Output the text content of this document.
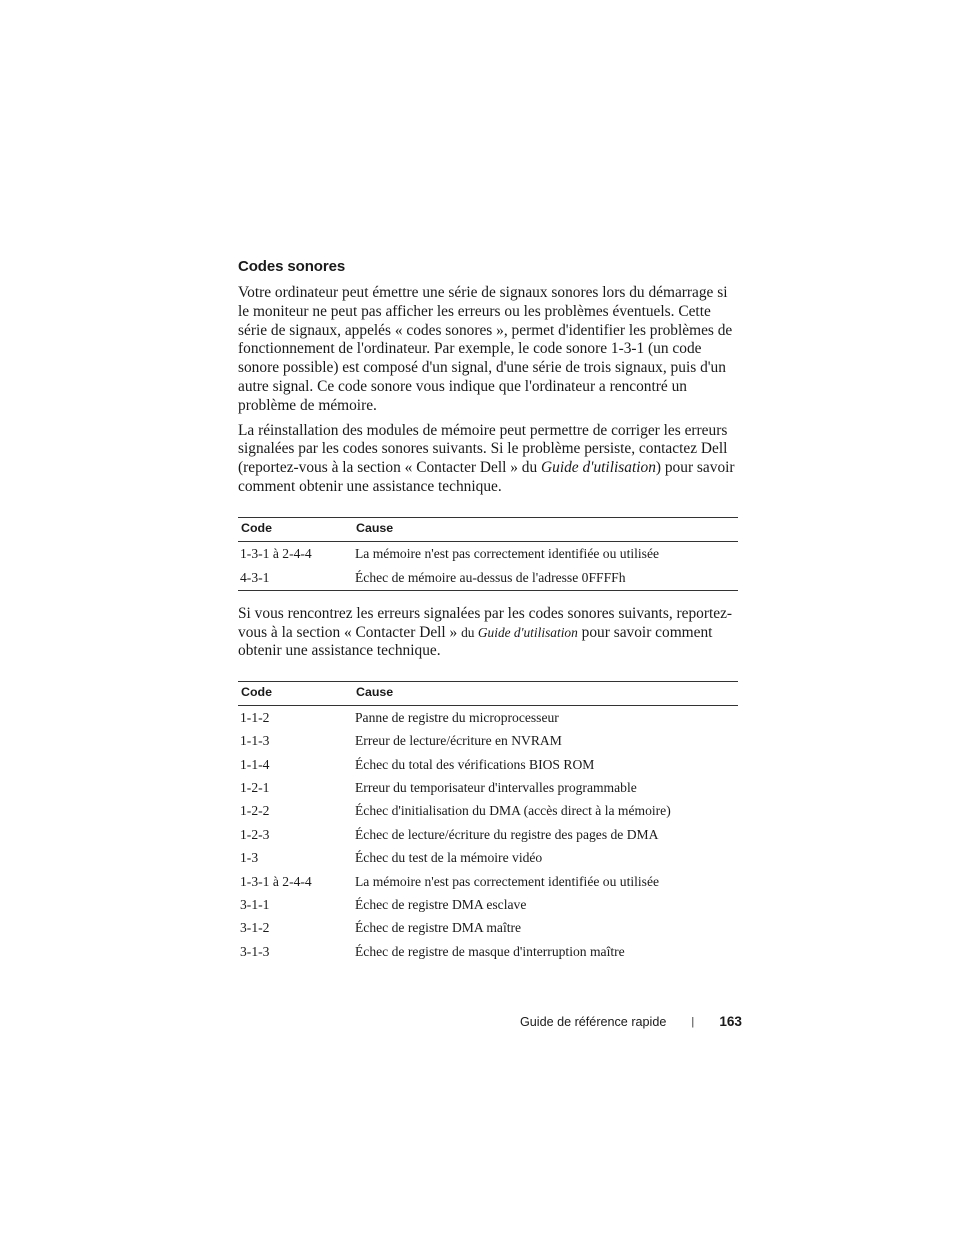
Codes sonores

Votre ordinateur peut émettre une série de signaux sonores lors du démarrage si le moniteur ne peut pas afficher les erreurs ou les problèmes éventuels. Cette série de signaux, appelés « codes sonores », permet d'identifier les problèmes de fonctionnement de l'ordinateur. Par exemple, le code sonore 1-3-1 (un code sonore possible) est composé d'un signal, d'une série de trois signaux, puis d'un autre signal. Ce code sonore vous indique que l'ordinateur a rencontré un problème de mémoire.

La réinstallation des modules de mémoire peut permettre de corriger les erreurs signalées par les codes sonores suivants. Si le problème persiste, contactez Dell (reportez-vous à la section « Contacter Dell » du Guide d'utilisation) pour savoir comment obtenir une assistance technique.

Code	Cause
1-3-1 à 2-4-4	La mémoire n'est pas correctement identifiée ou utilisée
4-3-1	Échec de mémoire au-dessus de l'adresse 0FFFFh

Si vous rencontrez les erreurs signalées par les codes sonores suivants, reportez-vous à la section « Contacter Dell » du Guide d'utilisation pour savoir comment obtenir une assistance technique.

Code	Cause
1-1-2	Panne de registre du microprocesseur
1-1-3	Erreur de lecture/écriture en NVRAM
1-1-4	Échec du total des vérifications BIOS ROM
1-2-1	Erreur du temporisateur d'intervalles programmable
1-2-2	Échec d'initialisation du DMA (accès direct à la mémoire)
1-2-3	Échec de lecture/écriture du registre des pages de DMA
1-3	Échec du test de la mémoire vidéo
1-3-1 à 2-4-4	La mémoire n'est pas correctement identifiée ou utilisée
3-1-1	Échec de registre DMA esclave
3-1-2	Échec de registre DMA maître
3-1-3	Échec de registre de masque d'interruption maître
Guide de référence rapide | 163
